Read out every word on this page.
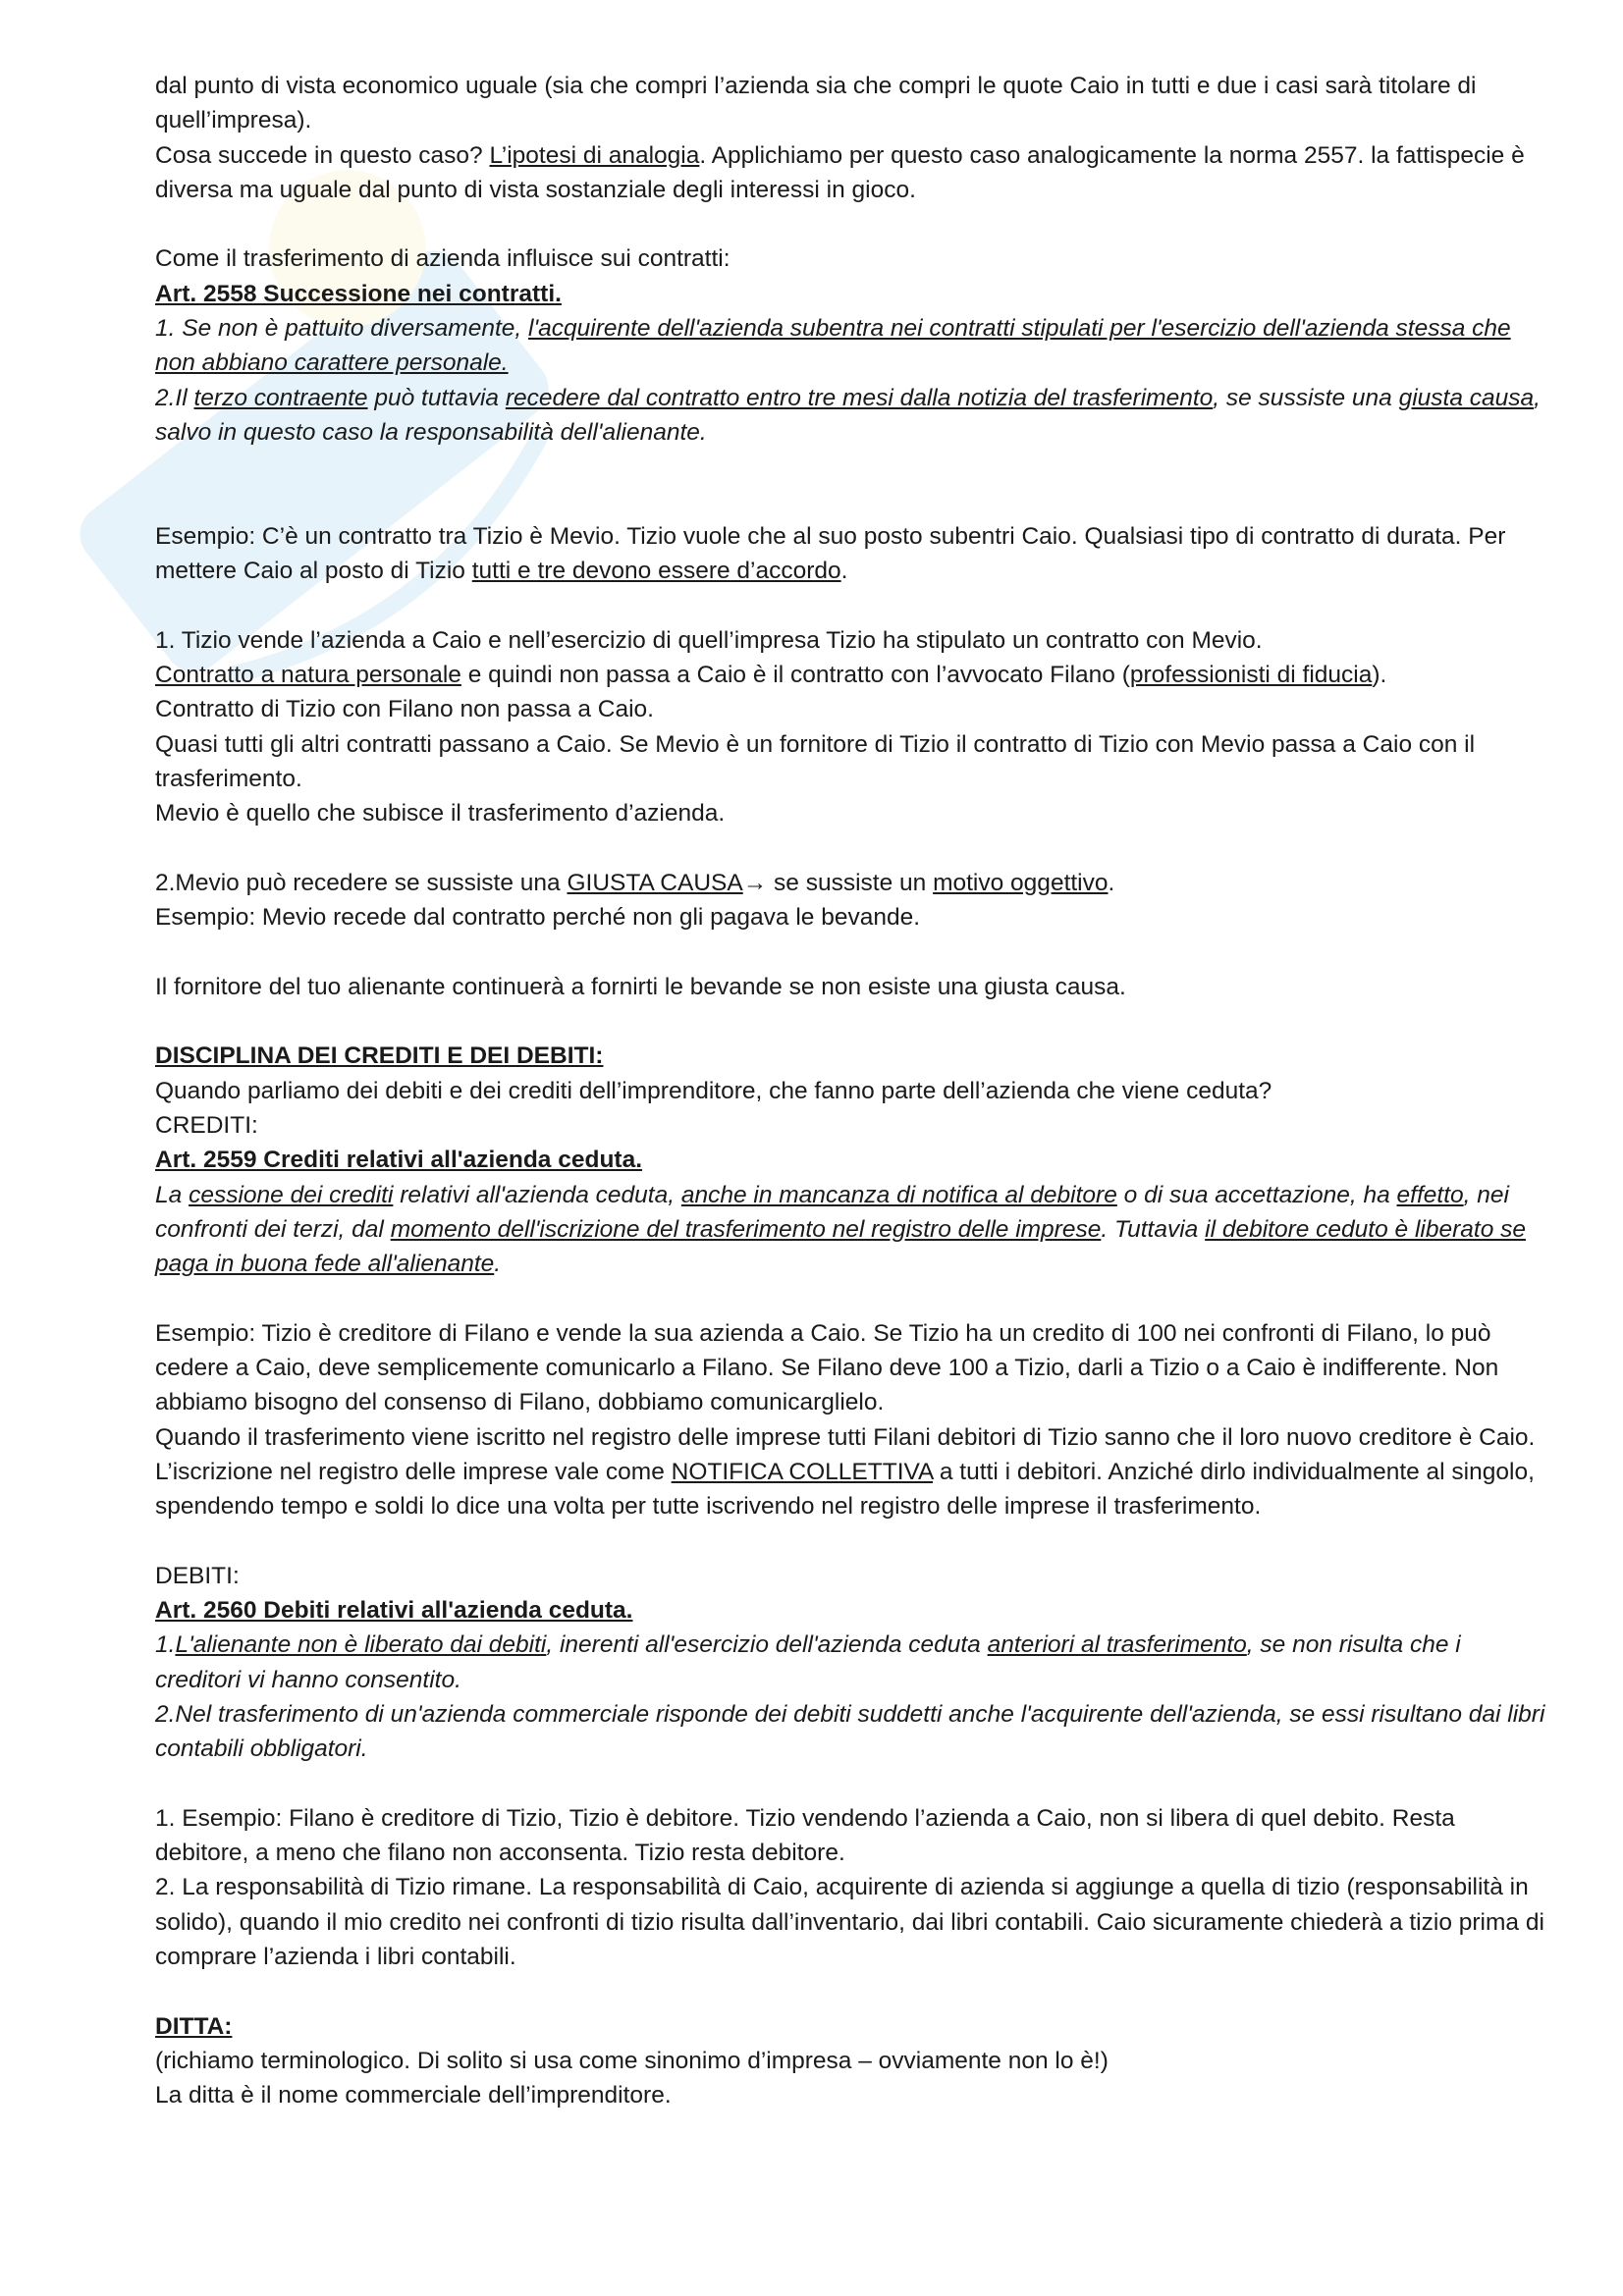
dal punto di vista economico uguale (sia che compri l’azienda sia che compri le quote Caio in tutti e due i casi sarà titolare di quell’impresa).

Cosa succede in questo caso? L’ipotesi di analogia. Applichiamo per questo caso analogicamente la norma 2557. la fattispecie è diversa ma uguale dal punto di vista sostanziale degli interessi in gioco.

Come il trasferimento di azienda influisce sui contratti:

Art. 2558 Successione nei contratti.

1. Se non è pattuito diversamente, l'acquirente dell'azienda subentra nei contratti stipulati per l'esercizio dell'azienda stessa che non abbiano carattere personale.

2.Il terzo contraente può tuttavia recedere dal contratto entro tre mesi dalla notizia del trasferimento, se sussiste una giusta causa, salvo in questo caso la responsabilità dell'alienante.

Esempio: C’è un contratto tra Tizio è Mevio. Tizio vuole che al suo posto subentri Caio. Qualsiasi tipo di contratto di durata. Per mettere Caio al posto di Tizio tutti e tre devono essere d’accordo.

1. Tizio vende l’azienda a Caio e nell’esercizio di quell’impresa Tizio ha stipulato un contratto con Mevio.

Contratto a natura personale e quindi non passa a Caio è il contratto con l’avvocato Filano (professionisti di fiducia).

Contratto di Tizio con Filano non passa a Caio.

Quasi tutti gli altri contratti passano a Caio. Se Mevio è un fornitore di Tizio il contratto di Tizio con Mevio passa a Caio con il trasferimento.

Mevio è quello che subisce il trasferimento d’azienda.

2.Mevio può recedere se sussiste una GIUSTA CAUSA→ se sussiste un motivo oggettivo.

Esempio: Mevio recede dal contratto perché non gli pagava le bevande.

Il fornitore del tuo alienante continuerà a fornirti le bevande se non esiste una giusta causa.

DISCIPLINA DEI CREDITI E DEI DEBITI:

Quando parliamo dei debiti e dei crediti dell’imprenditore, che fanno parte dell’azienda che viene ceduta?

CREDITI:

Art. 2559 Crediti relativi all'azienda ceduta.

La cessione dei crediti relativi all'azienda ceduta, anche in mancanza di notifica al debitore o di sua accettazione, ha effetto, nei confronti dei terzi, dal momento dell'iscrizione del trasferimento nel registro delle imprese. Tuttavia il debitore ceduto è liberato se paga in buona fede all'alienante.

Esempio: Tizio è creditore di Filano e vende la sua azienda a Caio. Se Tizio ha un credito di 100 nei confronti di Filano, lo può cedere a Caio, deve semplicemente comunicarlo a Filano. Se Filano deve 100 a Tizio, darli a Tizio o a Caio è indifferente. Non abbiamo bisogno del consenso di Filano, dobbiamo comunicarglielo.

Quando il trasferimento viene iscritto nel registro delle imprese tutti Filani debitori di Tizio sanno che il loro nuovo creditore è Caio.

L’iscrizione nel registro delle imprese vale come NOTIFICA COLLETTIVA a tutti i debitori. Anziché dirlo individualmente al singolo, spendendo tempo e soldi lo dice una volta per tutte iscrivendo nel registro delle imprese il trasferimento.

DEBITI:

Art. 2560 Debiti relativi all'azienda ceduta.

1.L'alienante non è liberato dai debiti, inerenti all'esercizio dell'azienda ceduta anteriori al trasferimento, se non risulta che i creditori vi hanno consentito.

2.Nel trasferimento di un'azienda commerciale risponde dei debiti suddetti anche l'acquirente dell'azienda, se essi risultano dai libri contabili obbligatori.

1. Esempio: Filano è creditore di Tizio, Tizio è debitore. Tizio vendendo l’azienda a Caio, non si libera di quel debito. Resta debitore, a meno che filano non acconsenta. Tizio resta debitore.

2. La responsabilità di Tizio rimane. La responsabilità di Caio, acquirente di azienda si aggiunge a quella di tizio (responsabilità in solido), quando il mio credito nei confronti di tizio risulta dall’inventario, dai libri contabili. Caio sicuramente chiederà a tizio prima di comprare l’azienda i libri contabili.

DITTA:

(richiamo terminologico. Di solito si usa come sinonimo d’impresa – ovviamente non lo è!)

La ditta è il nome commerciale dell’imprenditore.
